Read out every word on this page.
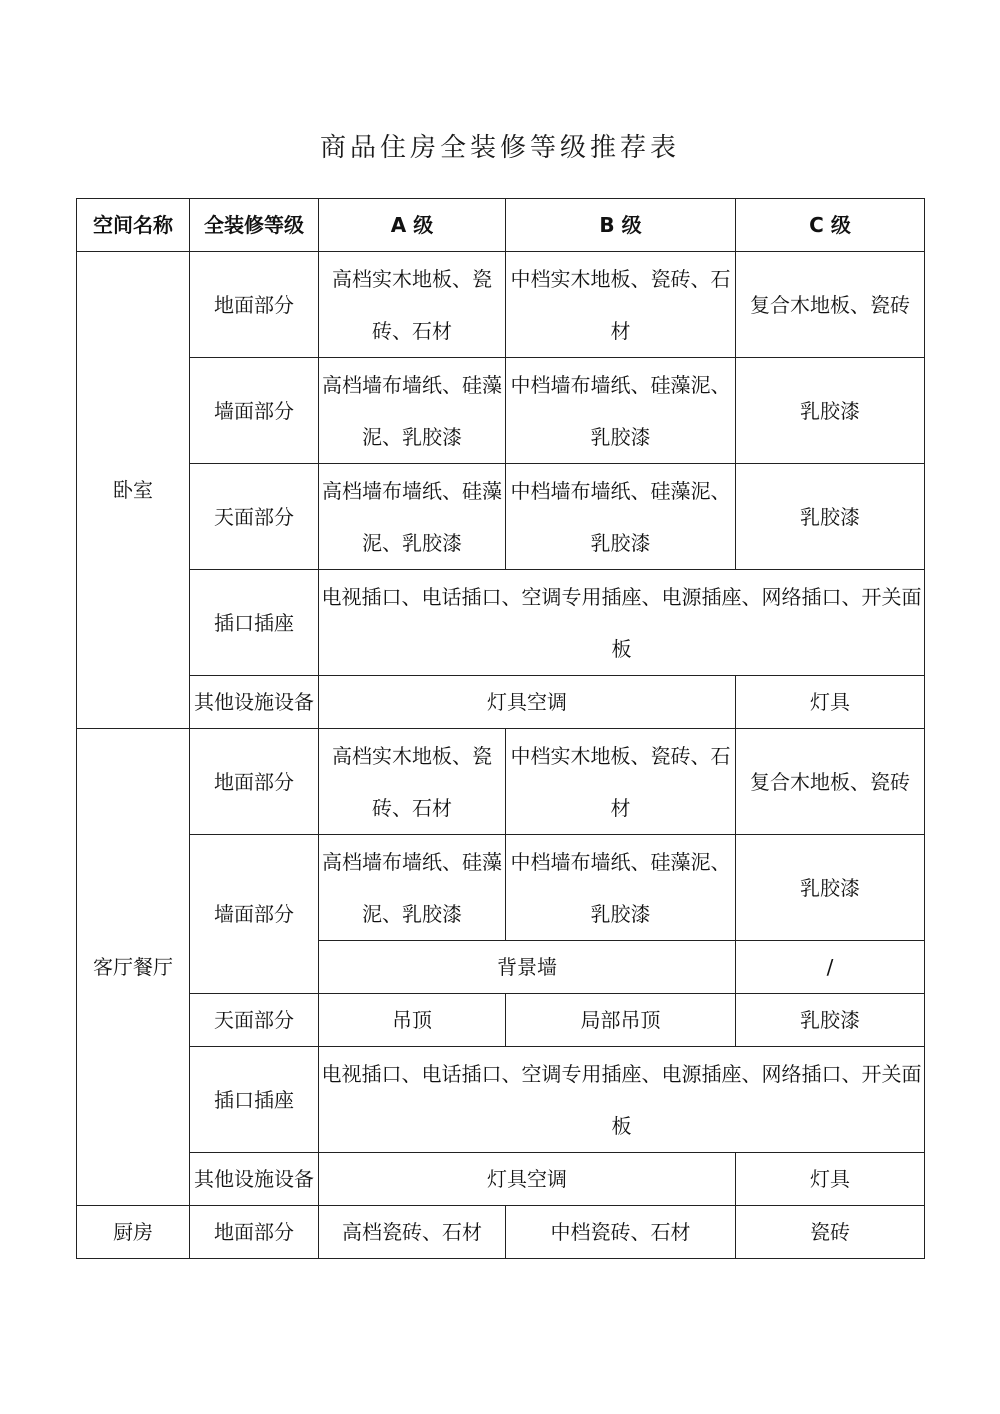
商品住房全装修等级推荐表
空间名称	全装修等级	A 级	B 级	C 级
卧室	地面部分	高档实木地板、瓷砖、石材	中档实木地板、瓷砖、石材	复合木地板、瓷砖
	墙面部分	高档墙布墙纸、硅藻泥、乳胶漆	中档墙布墙纸、硅藻泥、乳胶漆	乳胶漆
	天面部分	高档墙布墙纸、硅藻泥、乳胶漆	中档墙布墙纸、硅藻泥、乳胶漆	乳胶漆
	插口插座	电视插口、电话插口、空调专用插座、电源插座、网络插口、开关面板		

	其他设施设备	灯具空调		灯具
客厅餐厅	地面部分	高档实木地板、瓷砖、石材	中档实木地板、瓷砖、石材	复合木地板、瓷砖
	墙面部分	高档墙布墙纸、硅藻泥、乳胶漆	中档墙布墙纸、硅藻泥、乳胶漆	乳胶漆
		背景墙		/
	天面部分	吊顶	局部吊顶	乳胶漆
	插口插座	电视插口、电话插口、空调专用插座、电源插座、网络插口、开关面板		

	其他设施设备	灯具空调		灯具
厨房	地面部分	高档瓷砖、石材	中档瓷砖、石材	瓷砖
